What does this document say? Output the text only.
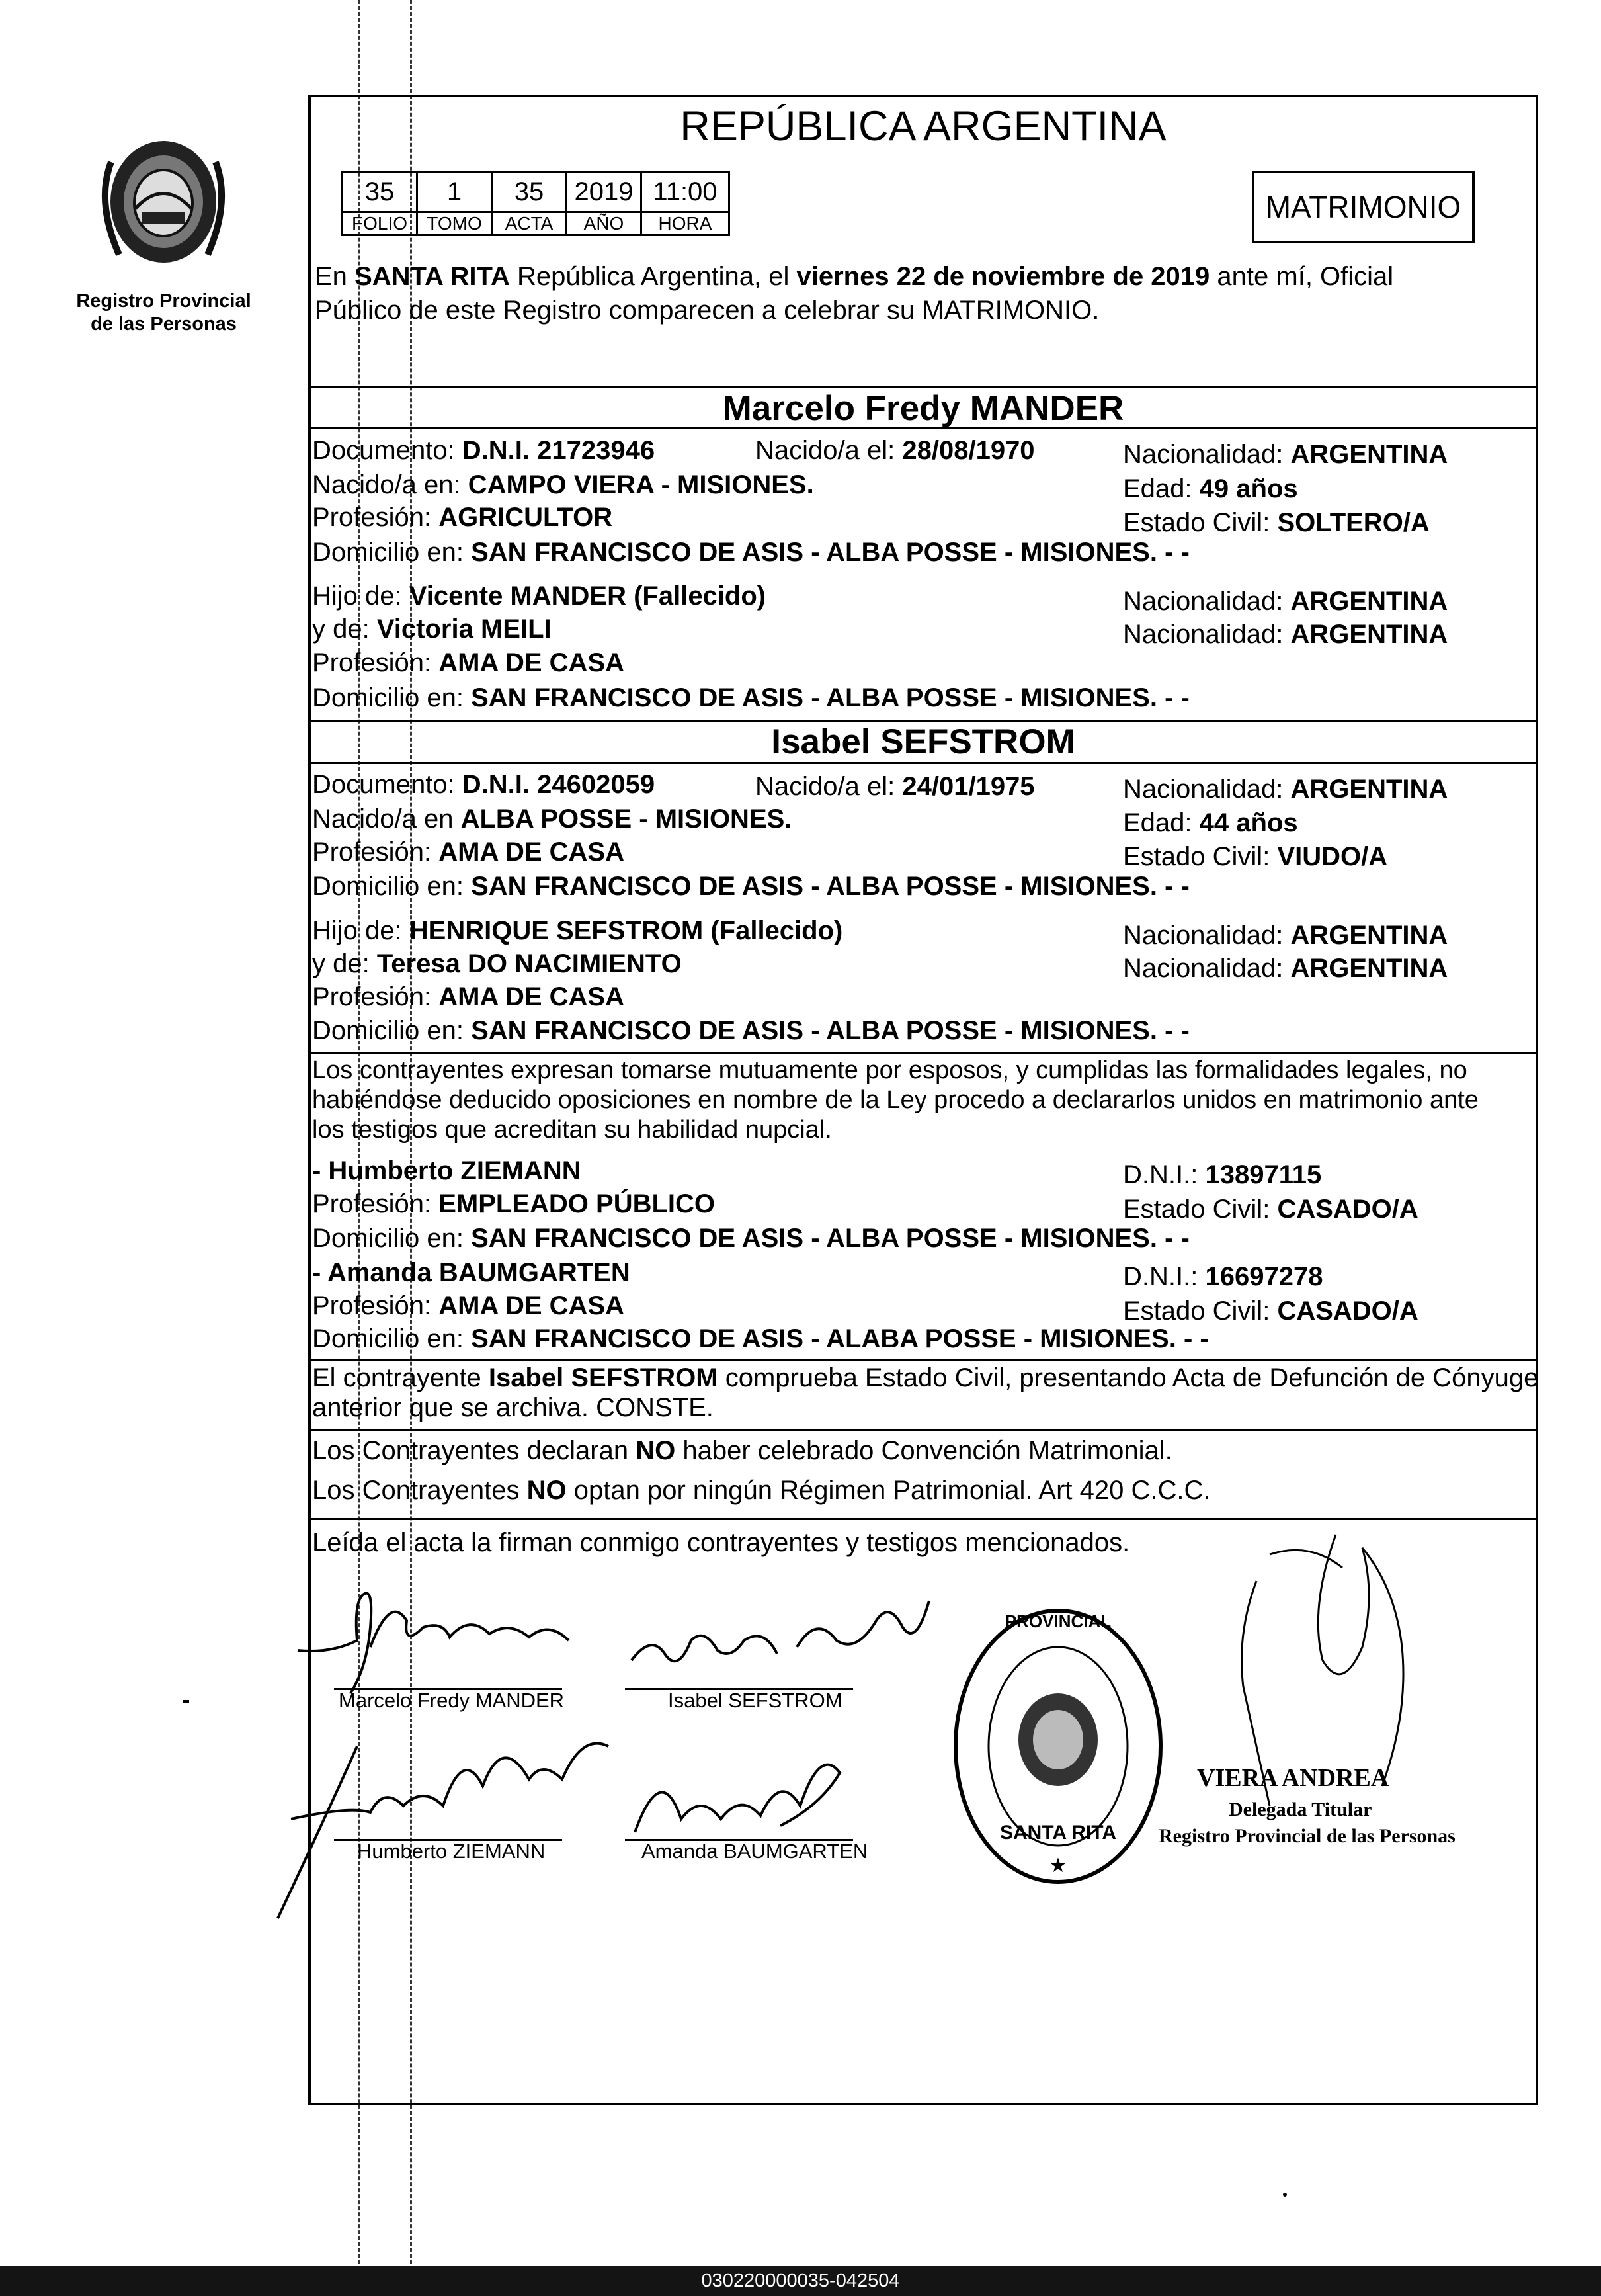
Registro Provincial
de las Personas
REPÚBLICA ARGENTINA
35	1	35	2019	11:00
FOLIO	TOMO	ACTA	AÑO	HORA	MATRIMONIO
En SANTA RITA República Argentina, el viernes 22 de noviembre de 2019 ante mí, Oficial
Público de este Registro comparecen a celebrar su MATRIMONIO.
Marcelo Fredy MANDER
Documento: D.N.I. 21723946	Nacido/a el: 28/08/1970	Nacionalidad: ARGENTINA
Nacido/a en: CAMPO VIERA - MISIONES.	Edad: 49 años
Profesión: AGRICULTOR	Estado Civil: SOLTERO/A
Domicilio en: SAN FRANCISCO DE ASIS - ALBA POSSE - MISIONES. - -
Hijo de: Vicente MANDER (Fallecido)	Nacionalidad: ARGENTINA
y de: Victoria MEILI	Nacionalidad: ARGENTINA
Profesión: AMA DE CASA
Domicilio en: SAN FRANCISCO DE ASIS - ALBA POSSE - MISIONES. - -
Isabel SEFSTROM
Documento: D.N.I. 24602059	Nacido/a el: 24/01/1975	Nacionalidad: ARGENTINA
Nacido/a en ALBA POSSE - MISIONES.	Edad: 44 años
Profesión: AMA DE CASA	Estado Civil: VIUDO/A
Domicilio en: SAN FRANCISCO DE ASIS - ALBA POSSE - MISIONES. - -
Hijo de: HENRIQUE SEFSTROM (Fallecido)	Nacionalidad: ARGENTINA
y de: Teresa DO NACIMIENTO	Nacionalidad: ARGENTINA
Profesión: AMA DE CASA
Domicilio en: SAN FRANCISCO DE ASIS - ALBA POSSE - MISIONES. - -
Los contrayentes expresan tomarse mutuamente por esposos, y cumplidas las formalidades legales, no
habiéndose deducido oposiciones en nombre de la Ley procedo a declararlos unidos en matrimonio ante
los testigos que acreditan su habilidad nupcial.
- Humberto ZIEMANN	D.N.I.: 13897115
Profesión: EMPLEADO PÚBLICO	Estado Civil: CASADO/A
Domicilio en: SAN FRANCISCO DE ASIS - ALBA POSSE - MISIONES. - -
- Amanda BAUMGARTEN	D.N.I.: 16697278
Profesión: AMA DE CASA	Estado Civil: CASADO/A
Domicilio en: SAN FRANCISCO DE ASIS - ALABA POSSE - MISIONES. - -
El contrayente Isabel SEFSTROM comprueba Estado Civil, presentando Acta de Defunción de Cónyuge
anterior que se archiva. CONSTE.
Los Contrayentes declaran NO haber celebrado Convención Matrimonial.
Los Contrayentes NO optan por ningún Régimen Patrimonial. Art 420 C.C.C.
Leída el acta la firman conmigo contrayentes y testigos mencionados.
Marcelo Fredy MANDER	Isabel SEFSTROM
Humberto ZIEMANN	Amanda BAUMGARTEN
PROVINCIAL
SANTA RITA
★
VIERA ANDREA
Delegada Titular
Registro Provincial de las Personas
030220000035-042504
